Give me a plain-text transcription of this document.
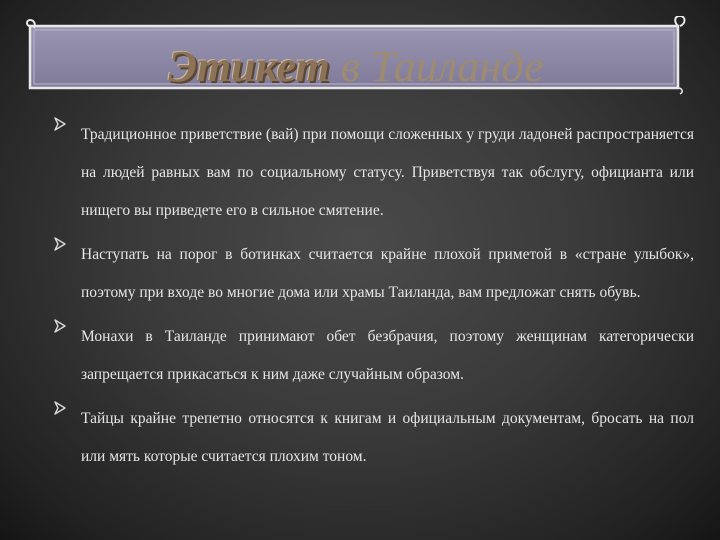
Этикет в Таиланде

Традиционное приветствие (вай) при помощи сложенных у груди ладоней распространяется на людей равных вам по социальному статусу. Приветствуя так обслугу, официанта или нищего вы приведете его в сильное смятение.

Наступать на порог в ботинках считается крайне плохой приметой в «стране улыбок», поэтому при входе во многие дома или храмы Таиланда, вам предложат снять обувь.

Монахи в Таиланде принимают обет безбрачия, поэтому женщинам категорически запрещается прикасаться к ним даже случайным образом.

Тайцы крайне трепетно относятся к книгам и официальным документам, бросать на пол или мять которые считается плохим тоном.
